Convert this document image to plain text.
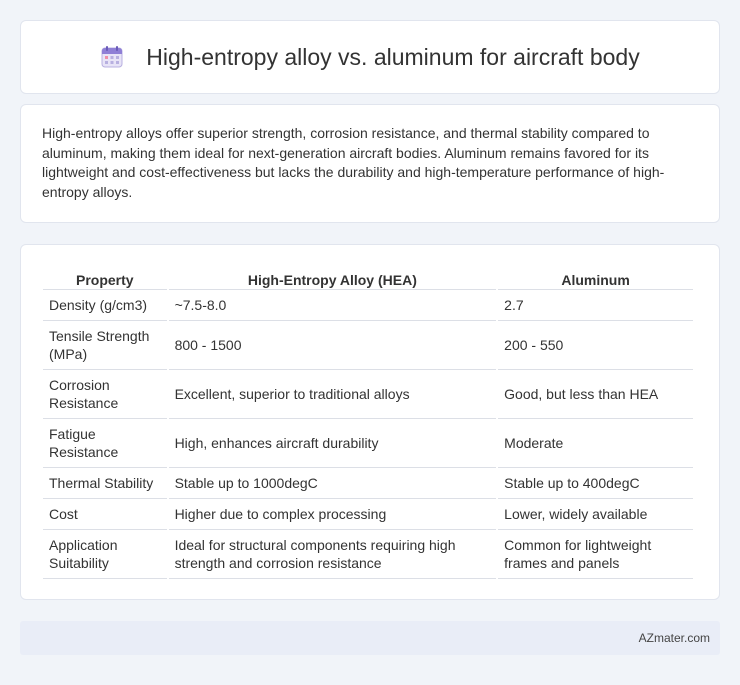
High-entropy alloy vs. aluminum for aircraft body

High-entropy alloys offer superior strength, corrosion resistance, and thermal stability compared to aluminum, making them ideal for next-generation aircraft bodies. Aluminum remains favored for its lightweight and cost-effectiveness but lacks the durability and high-temperature performance of high-entropy alloys.

Property	High-Entropy Alloy (HEA)	Aluminum
Density (g/cm3)	~7.5-8.0	2.7
Tensile Strength (MPa)	800 - 1500	200 - 550
Corrosion Resistance	Excellent, superior to traditional alloys	Good, but less than HEA
Fatigue Resistance	High, enhances aircraft durability	Moderate
Thermal Stability	Stable up to 1000degC	Stable up to 400degC
Cost	Higher due to complex processing	Lower, widely available
Application Suitability	Ideal for structural components requiring high strength and corrosion resistance	Common for lightweight frames and panels
AZmater.com
